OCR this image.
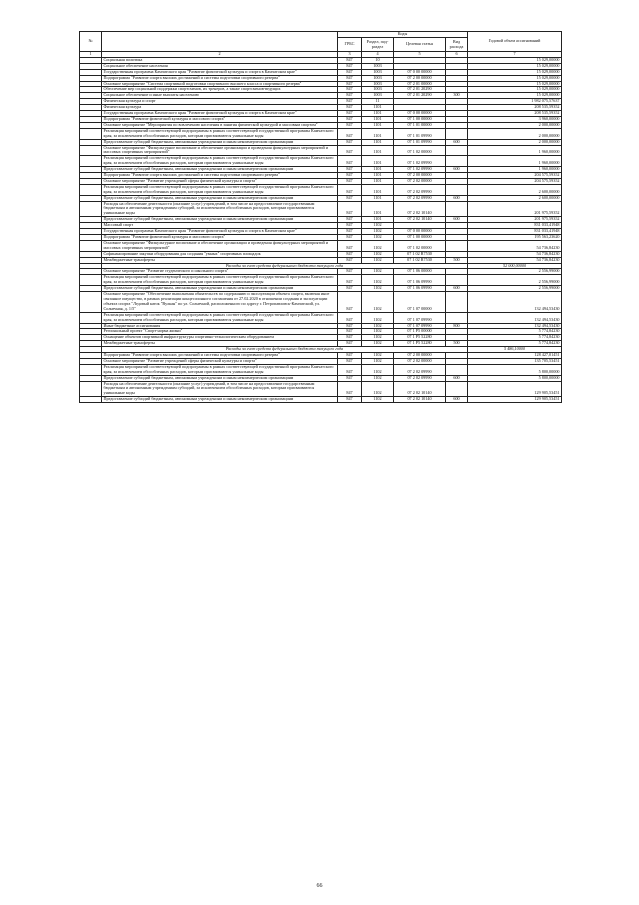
№		Коды				Годовой объем ассигнований
		ГРБС	Раздел, под-раздел	Целевая статья	Вид расхода	
1	2	3	4	5	6	7
	Социальная политика	847	10			15 029,00000
	Социальное обеспечение населения	847	1003			15 029,00000
	Государственная программа Камчатского края "Развитие физической культуры и спорта в Камчатском крае"	847	1003	07 0 00 00000		15 029,00000
	Подпрограмма "Развитие спорта высших достижений и системы подготовки спортивного резерва"	847	1003	07 2 00 00000		15 029,00000
	Основное мероприятие "Система спортивной подготовки спортивного высшего класса и спортивного резерва"	847	1003	07 2 01 00000		15 029,00000
	Обеспечение мер социальной поддержки спортсменов, их тренеров, а также спортсменов-ведущих	847	1003	07 2 01 20290		15 029,00000
	Социальное обеспечение и иные выплаты населению	847	1003	07 2 01 20290	300	15 029,00000
	Физическая культура и спорт	847	11			1 982 075,57637
	Физическая культура	847	1101			208 535,59352
	Государственная программа Камчатского края "Развитие физической культуры и спорта в Камчатском крае"	847	1101	07 0 00 00000		208 535,59352
	Подпрограмма "Развитие физической культуры и массового спорта"	847	1101	07 1 00 00000		3 960,00000
	Основное мероприятие "Мероприятия по вовлечению населения в занятия физической культурой и массовым спортом"	847	1101	07 1 01 00000		2 000,00000
	Реализация мероприятий соответствующей подпрограммы в рамках соответствующей государственной программы Камчатского края, за исключением обособленных расходов, которым присваиваются уникальные коды	847	1101	07 1 01 09990		2 000,00000
	Предоставление субсидий бюджетным, автономным учреждениям и иным некоммерческим организациям	847	1101	07 1 01 09990	600	2 000,00000
	Основное мероприятие "Физкультурное воспитание и обеспечение организации и проведения физкультурных мероприятий и массовых спортивных мероприятий"	847	1101	07 1 02 00000		1 960,00000
	Реализация мероприятий соответствующей подпрограммы в рамках соответствующей государственной программы Камчатского края, за исключением обособленных расходов, которым присваиваются уникальные коды	847	1101	07 1 02 09990		1 960,00000
	Предоставление субсидий бюджетным, автономным учреждениям и иным некоммерческим организациям	847	1101	07 1 02 09990	600	1 960,00000
	Подпрограмма "Развитие спорта высших достижений и системы подготовки спортивного резерва"	847	1101	07 2 00 00000		204 575,59352
	Основное мероприятие "Развитие учреждений сферы физической культуры и спорта"	847	1101	07 2 02 00000		204 575,59352
	Реализация мероприятий соответствующей подпрограммы в рамках соответствующей государственной программы Камчатского края, за исключением обособленных расходов, которым присваиваются уникальные коды	847	1101	07 2 02 09990		2 600,00000
	Предоставление субсидий бюджетным, автономным учреждениям и иным некоммерческим организациям	847	1101	07 2 02 09990	600	2 600,00000
	Расходы на обеспечение деятельности (оказание услуг) учреждений, в том числе на предоставление государственным бюджетным и автономным учреждениям субсидий, за исключением обособленных расходов, которым присваиваются уникальные коды	847	1101	07 2 02 10140		201 975,59352
	Предоставление субсидий бюджетным, автономным учреждениям и иным некоммерческим организациям	847	1101	07 2 02 10140	600	201 975,59352
	Массовый спорт	847	1102			831 033,41948
	Государственная программа Камчатского края "Развитие физической культуры и спорта в Камчатском крае"	847	1102	07 0 00 00000		831 033,41948
	Подпрограмма "Развитие физической культуры и массового спорта"	847	1102	07 1 00 00000		195 563,23620
	Основное мероприятие "Физкультурное воспитание и обеспечение организации и проведения физкультурных мероприятий и массовых спортивных мероприятий"	847	1102	07 1 02 00000		54 736,84230
	Софинансирование закупки оборудования для создания "умных" спортивных площадок	847	1102	07 1 02 R7530		54 736,84230
	Межбюджетные трансферты	847	1102	07 1 02 R7530	500	54 736,84230
	Расходы за счет средств федерального бюджета текущего года					52 000,00000
	Основное мероприятие "Развитие студенческого и школьного спорта"	847	1102	07 1 06 00000		2 556,99000
	Реализация мероприятий соответствующей подпрограммы в рамках соответствующей государственной программы Камчатского края, за исключением обособленных расходов, которым присваиваются уникальные коды	847	1102	07 1 06 09990		2 556,99000
	Предоставление субсидий бюджетным, автономным учреждениям и иным некоммерческим организациям	847	1102	07 1 06 09990	600	2 556,99000
	Основное мероприятие "Обеспечение выполнения обязательств по содержанию и эксплуатации объекта спорта, включая иное связанное имущество, в рамках реализации концессионного соглашения от 27.02.2020 в отношении создания и эксплуатации объекта спорта "Ледовый каток "Вулкан" по ул. Солнечной, расположенного по адресу г. Петропавловск-Камчатский, ул. Солнечная, д. 1/5"	847	1102	07 1 07 00000		132 494,53430
	Реализация мероприятий соответствующей подпрограммы в рамках соответствующей государственной программы Камчатского края, за исключением обособленных расходов, которым присваиваются уникальные коды	847	1102	07 1 07 09990		132 494,53430
	Иные бюджетные ассигнования	847	1102	07 1 07 09990	800	132 494,53430
	Региональный проект "Спорт-норма жизни"	847	1102	07 1 P5 00000		5 774,84230
	Оснащение объектов спортивной инфраструктуры спортивно-технологическим оборудованием	847	1102	07 1 P5 52280		5 774,84230
	Межбюджетные трансферты	847	1102	07 1 P5 52280	500	5 774,84230
	Расходы за счет средств федерального бюджета текущего года					5 486,10000
	Подпрограмма "Развитие спорта высших достижений и системы подготовки спортивного резерва"	847	1102	07 2 00 00000		128 427,01451
	Основное мероприятие "Развитие учреждений сферы физической культуры и спорта"	847	1102	07 2 02 00000		135 705,53451
	Реализация мероприятий соответствующей подпрограммы в рамках соответствующей государственной программы Камчатского края, за исключением обособленных расходов, которым присваиваются уникальные коды	847	1102	07 2 02 09990		5 800,00000
	Предоставление субсидий бюджетным, автономным учреждениям и иным некоммерческим организациям	847	1102	07 2 02 09990	600	5 800,00000
	Расходы на обеспечение деятельности (оказание услуг) учреждений, в том числе на предоставление государственным бюджетным и автономным учреждениям субсидий, за исключением обособленных расходов, которым присваиваются уникальные коды	847	1102	07 2 02 10140		129 905,53451
	Предоставление субсидий бюджетным, автономным учреждениям и иным некоммерческим организациям	847	1102	07 2 02 10140	600	129 905,53451
66
